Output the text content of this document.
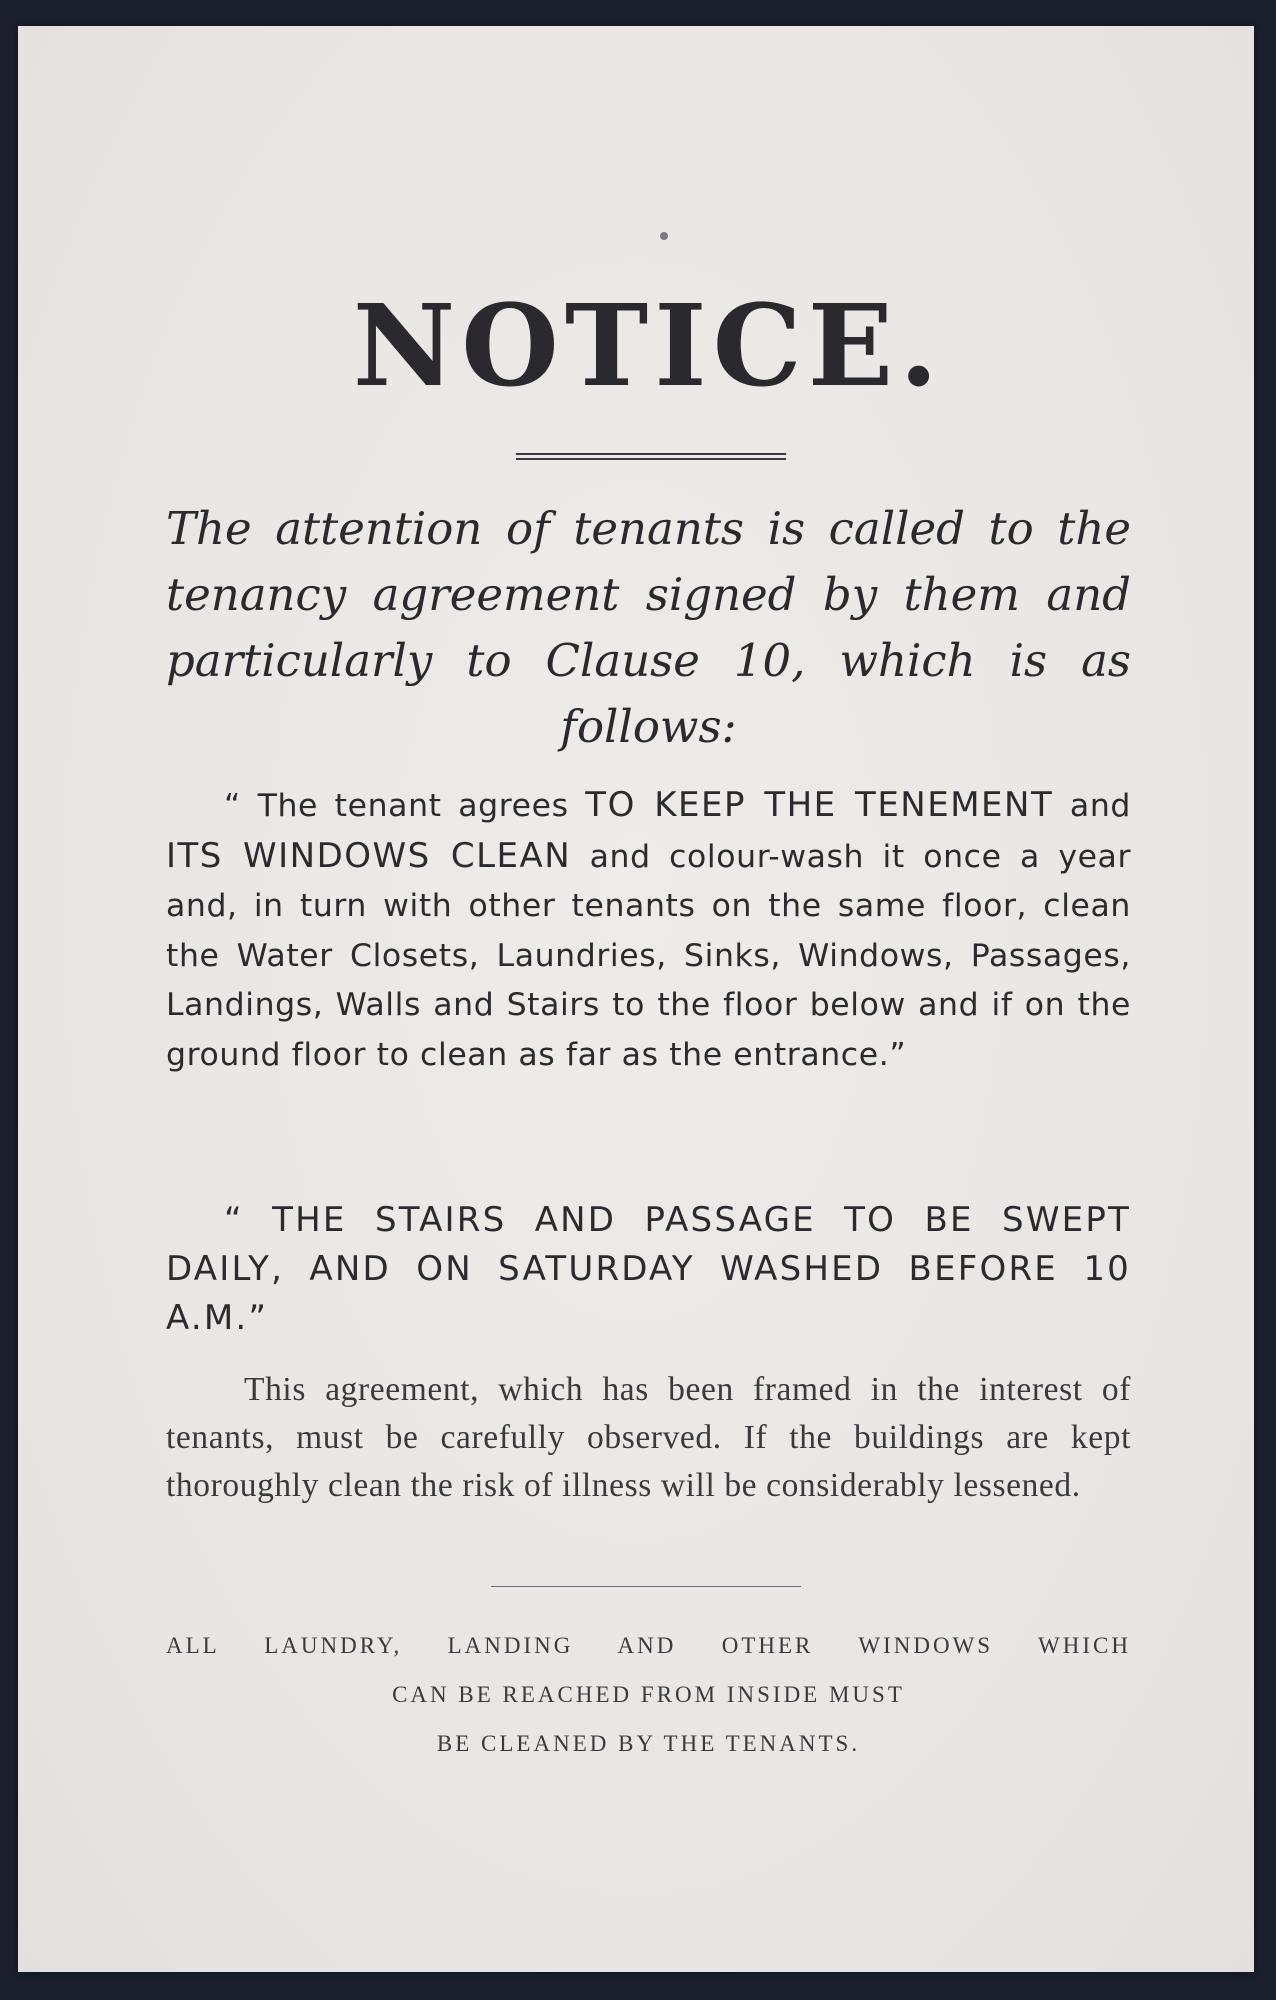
NOTICE.
The attention of tenants is called to the tenancy agreement signed by them and particularly to Clause 10, which is as follows:
“ The tenant agrees TO KEEP THE TENEMENT and ITS WINDOWS CLEAN and colour-wash it once a year and, in turn with other tenants on the same floor, clean the Water Closets, Laundries, Sinks, Windows, Passages, Landings, Walls and Stairs to the floor below and if on the ground floor to clean as far as the entrance.”
“ THE STAIRS AND PASSAGE TO BE SWEPT DAILY, AND ON SATURDAY WASHED BEFORE 10 A.M.”
This agreement, which has been framed in the interest of tenants, must be carefully observed. If the buildings are kept thoroughly clean the risk of illness will be considerably lessened.
ALL LAUNDRY, LANDING AND OTHER WINDOWS WHICH
CAN BE REACHED FROM INSIDE MUST
BE CLEANED BY THE TENANTS.
